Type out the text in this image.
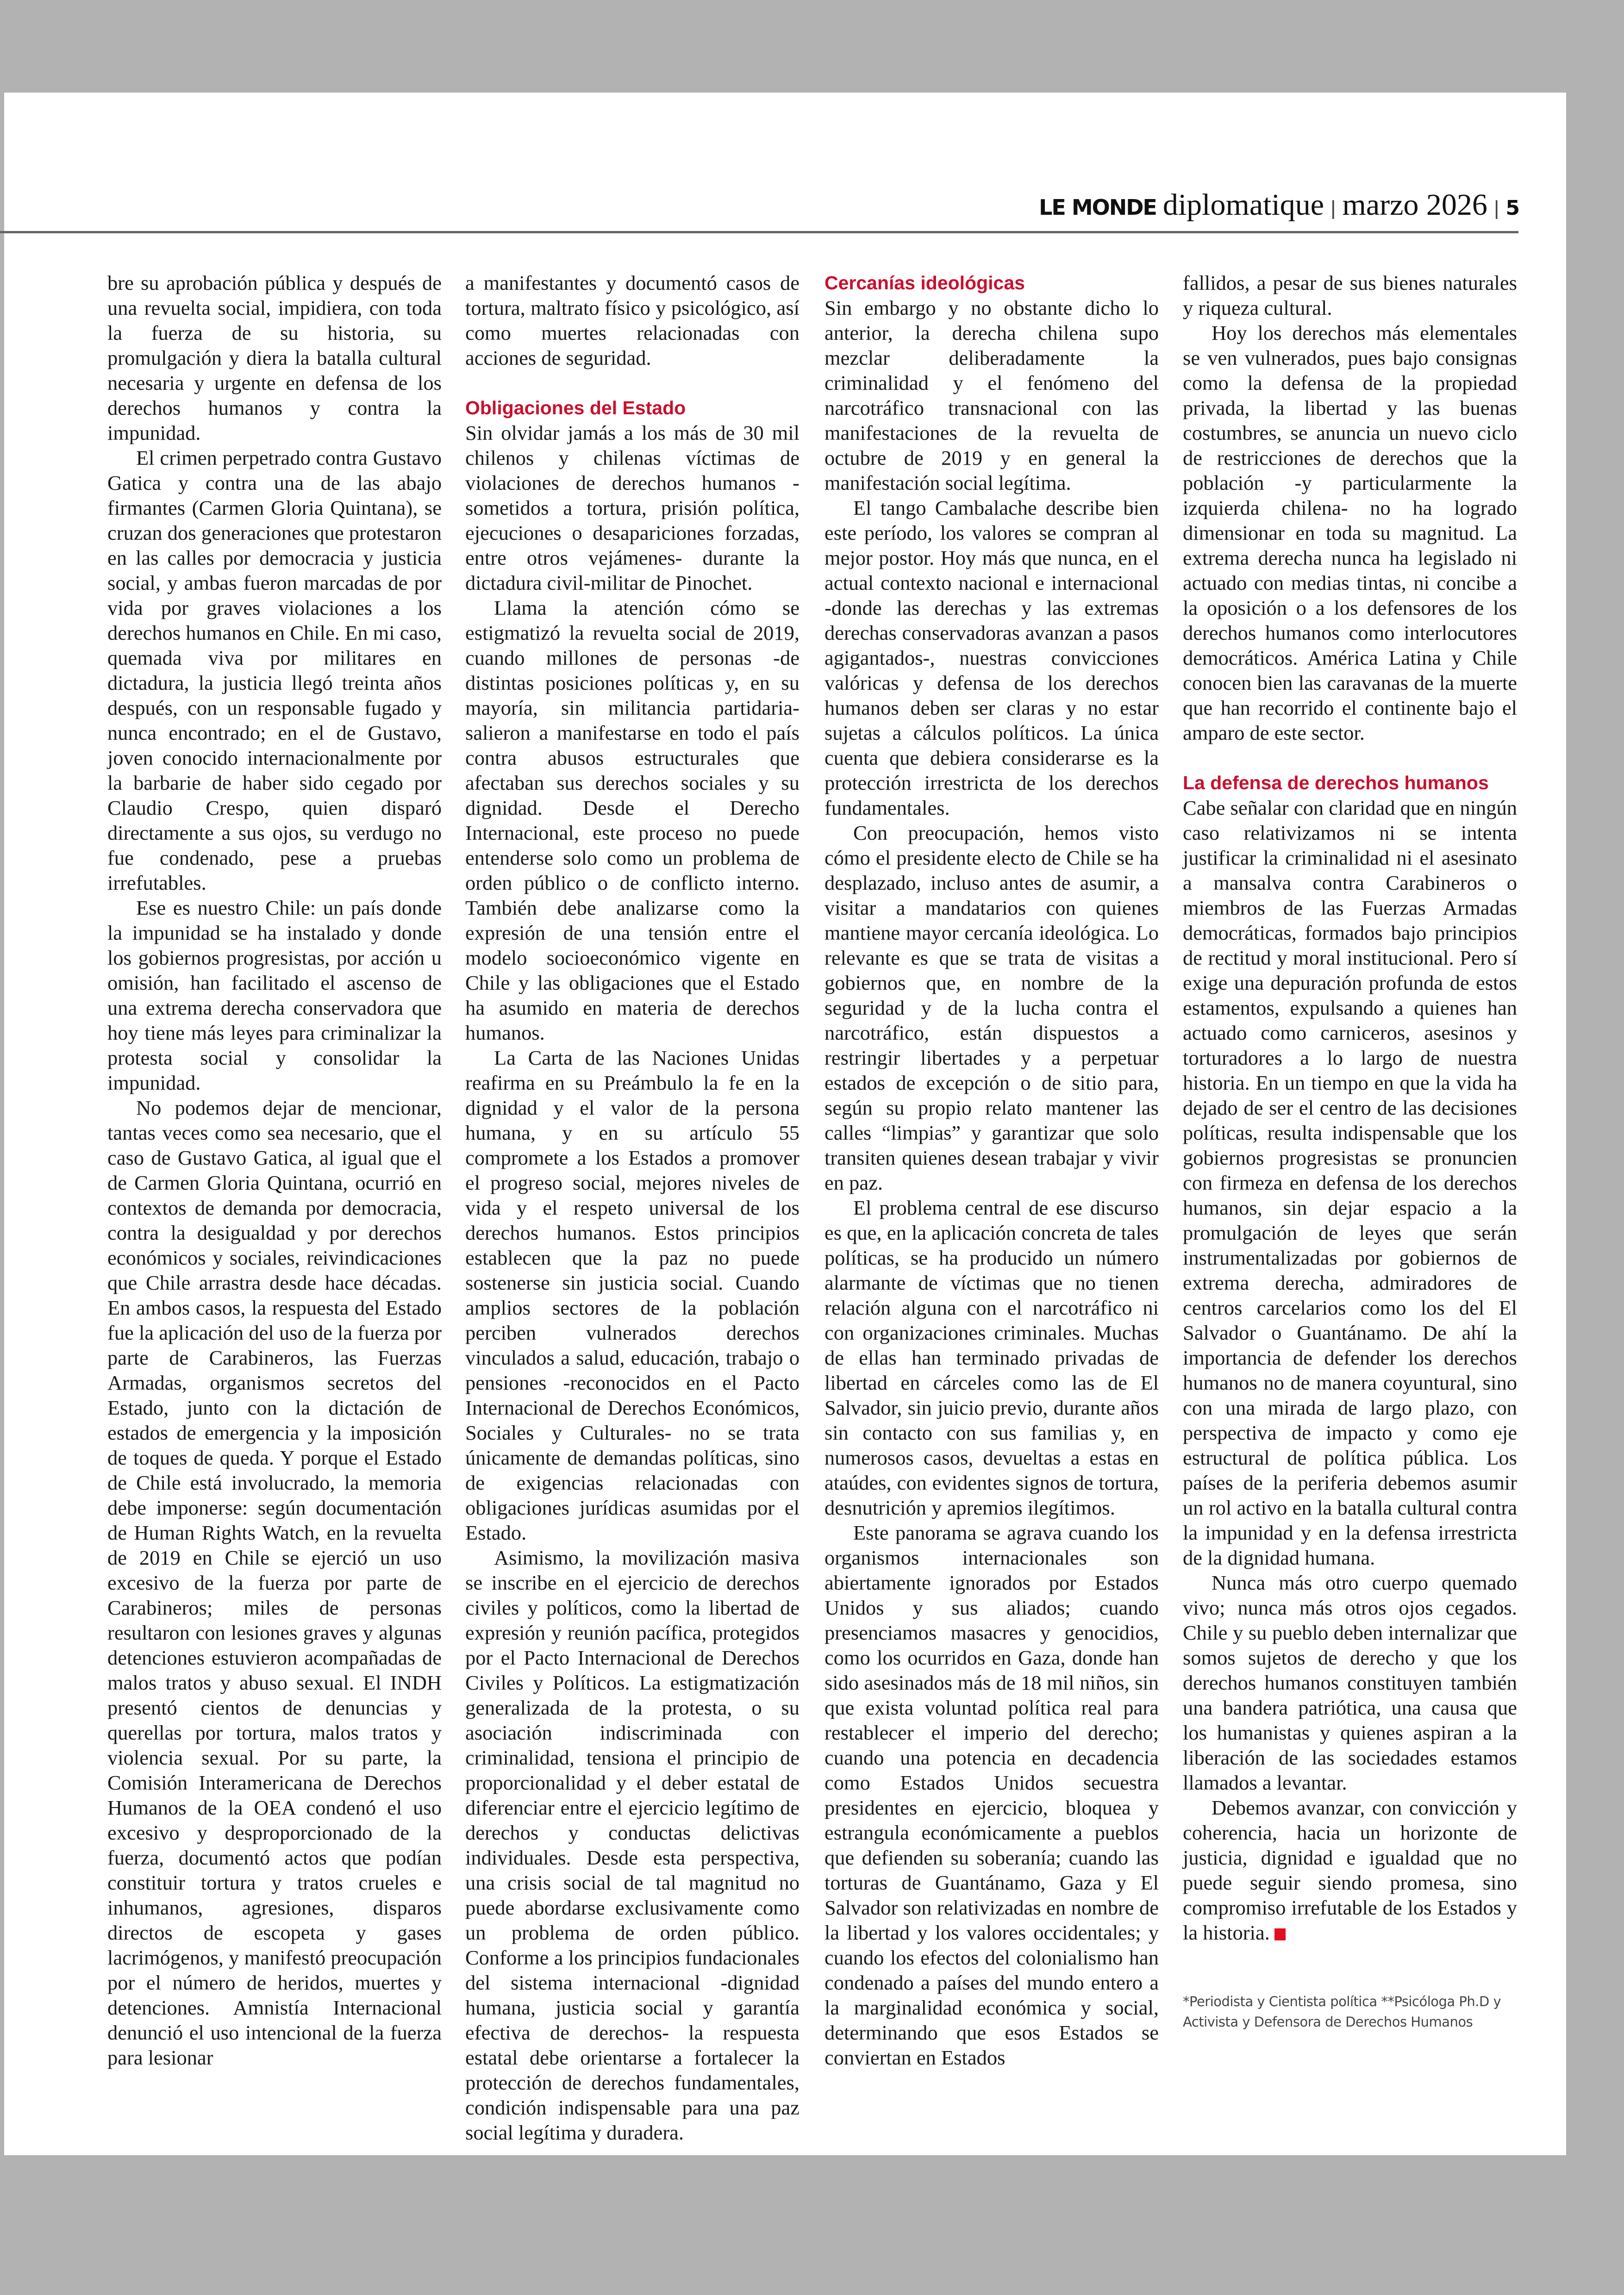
LE MONDE diplomatique | marzo 2026 | 5

bre su aprobación pública y después de una revuelta social, impidiera, con toda la fuerza de su historia, su promulgación y diera la batalla cultural necesaria y urgente en defensa de los derechos humanos y contra la impunidad.

El crimen perpetrado contra Gustavo Gatica y contra una de las abajo firmantes (Carmen Gloria Quintana), se cruzan dos generaciones que protestaron en las calles por democracia y justicia social, y ambas fueron marcadas de por vida por graves violaciones a los derechos humanos en Chile. En mi caso, quemada viva por militares en dictadura, la justicia llegó treinta años después, con un responsable fugado y nunca encontrado; en el de Gustavo, joven conocido internacionalmente por la barbarie de haber sido cegado por Claudio Crespo, quien disparó directamente a sus ojos, su verdugo no fue condenado, pese a pruebas irrefutables.

Ese es nuestro Chile: un país donde la impunidad se ha instalado y donde los gobiernos progresistas, por acción u omisión, han facilitado el ascenso de una extrema derecha conservadora que hoy tiene más leyes para criminalizar la protesta social y consolidar la impunidad.

No podemos dejar de mencionar, tantas veces como sea necesario, que el caso de Gustavo Gatica, al igual que el de Carmen Gloria Quintana, ocurrió en contextos de demanda por democracia, contra la desigualdad y por derechos económicos y sociales, reivindicaciones que Chile arrastra desde hace décadas. En ambos casos, la respuesta del Estado fue la aplicación del uso de la fuerza por parte de Carabineros, las Fuerzas Armadas, organismos secretos del Estado, junto con la dictación de estados de emergencia y la imposición de toques de queda. Y porque el Estado de Chile está involucrado, la memoria debe imponerse: según documentación de Human Rights Watch, en la revuelta de 2019 en Chile se ejerció un uso excesivo de la fuerza por parte de Carabineros; miles de personas resultaron con lesiones graves y algunas detenciones estuvieron acompañadas de malos tratos y abuso sexual. El INDH presentó cientos de denuncias y querellas por tortura, malos tratos y violencia sexual. Por su parte, la Comisión Interamericana de Derechos Humanos de la OEA condenó el uso excesivo y desproporcionado de la fuerza, documentó actos que podían constituir tortura y tratos crueles e inhumanos, agresiones, disparos directos de escopeta y gases lacrimógenos, y manifestó preocupación por el número de heridos, muertes y detenciones. Amnistía Internacional denunció el uso intencional de la fuerza para lesionar

a manifestantes y documentó casos de tortura, maltrato físico y psicológico, así como muertes relacionadas con acciones de seguridad.

Obligaciones del Estado

Sin olvidar jamás a los más de 30 mil chilenos y chilenas víctimas de violaciones de derechos humanos -sometidos a tortura, prisión política, ejecuciones o desapariciones forzadas, entre otros vejámenes- durante la dictadura civil-militar de Pinochet.

Llama la atención cómo se estigmatizó la revuelta social de 2019, cuando millones de personas -de distintas posiciones políticas y, en su mayoría, sin militancia partidaria- salieron a manifestarse en todo el país contra abusos estructurales que afectaban sus derechos sociales y su dignidad. Desde el Derecho Internacional, este proceso no puede entenderse solo como un problema de orden público o de conflicto interno. También debe analizarse como la expresión de una tensión entre el modelo socioeconómico vigente en Chile y las obligaciones que el Estado ha asumido en materia de derechos humanos.

La Carta de las Naciones Unidas reafirma en su Preámbulo la fe en la dignidad y el valor de la persona humana, y en su artículo 55 compromete a los Estados a promover el progreso social, mejores niveles de vida y el respeto universal de los derechos humanos. Estos principios establecen que la paz no puede sostenerse sin justicia social. Cuando amplios sectores de la población perciben vulnerados derechos vinculados a salud, educación, trabajo o pensiones -reconocidos en el Pacto Internacional de Derechos Económicos, Sociales y Culturales- no se trata únicamente de demandas políticas, sino de exigencias relacionadas con obligaciones jurídicas asumidas por el Estado.

Asimismo, la movilización masiva se inscribe en el ejercicio de derechos civiles y políticos, como la libertad de expresión y reunión pacífica, protegidos por el Pacto Internacional de Derechos Civiles y Políticos. La estigmatización generalizada de la protesta, o su asociación indiscriminada con criminalidad, tensiona el principio de proporcionalidad y el deber estatal de diferenciar entre el ejercicio legítimo de derechos y conductas delictivas individuales. Desde esta perspectiva, una crisis social de tal magnitud no puede abordarse exclusivamente como un problema de orden público. Conforme a los principios fundacionales del sistema internacional -dignidad humana, justicia social y garantía efectiva de derechos- la respuesta estatal debe orientarse a fortalecer la protección de derechos fundamentales, condición indispensable para una paz social legítima y duradera.

Cercanías ideológicas

Sin embargo y no obstante dicho lo anterior, la derecha chilena supo mezclar deliberadamente la criminalidad y el fenómeno del narcotráfico transnacional con las manifestaciones de la revuelta de octubre de 2019 y en general la manifestación social legítima.

El tango Cambalache describe bien este período, los valores se compran al mejor postor. Hoy más que nunca, en el actual contexto nacional e internacional -donde las derechas y las extremas derechas conservadoras avanzan a pasos agigantados-, nuestras convicciones valóricas y defensa de los derechos humanos deben ser claras y no estar sujetas a cálculos políticos. La única cuenta que debiera considerarse es la protección irrestricta de los derechos fundamentales.

Con preocupación, hemos visto cómo el presidente electo de Chile se ha desplazado, incluso antes de asumir, a visitar a mandatarios con quienes mantiene mayor cercanía ideológica. Lo relevante es que se trata de visitas a gobiernos que, en nombre de la seguridad y de la lucha contra el narcotráfico, están dispuestos a restringir libertades y a perpetuar estados de excepción o de sitio para, según su propio relato mantener las calles “limpias” y garantizar que solo transiten quienes desean trabajar y vivir en paz.

El problema central de ese discurso es que, en la aplicación concreta de tales políticas, se ha producido un número alarmante de víctimas que no tienen relación alguna con el narcotráfico ni con organizaciones criminales. Muchas de ellas han terminado privadas de libertad en cárceles como las de El Salvador, sin juicio previo, durante años sin contacto con sus familias y, en numerosos casos, devueltas a estas en ataúdes, con evidentes signos de tortura, desnutrición y apremios ilegítimos.

Este panorama se agrava cuando los organismos internacionales son abiertamente ignorados por Estados Unidos y sus aliados; cuando presenciamos masacres y genocidios, como los ocurridos en Gaza, donde han sido asesinados más de 18 mil niños, sin que exista voluntad política real para restablecer el imperio del derecho; cuando una potencia en decadencia como Estados Unidos secuestra presidentes en ejercicio, bloquea y estrangula económicamente a pueblos que defienden su soberanía; cuando las torturas de Guantánamo, Gaza y El Salvador son relativizadas en nombre de la libertad y los valores occidentales; y cuando los efectos del colonialismo han condenado a países del mundo entero a la marginalidad económica y social, determinando que esos Estados se conviertan en Estados

fallidos, a pesar de sus bienes naturales y riqueza cultural.

Hoy los derechos más elementales se ven vulnerados, pues bajo consignas como la defensa de la propiedad privada, la libertad y las buenas costumbres, se anuncia un nuevo ciclo de restricciones de derechos que la población -y particularmente la izquierda chilena- no ha logrado dimensionar en toda su magnitud. La extrema derecha nunca ha legislado ni actuado con medias tintas, ni concibe a la oposición o a los defensores de los derechos humanos como interlocutores democráticos. América Latina y Chile conocen bien las caravanas de la muerte que han recorrido el continente bajo el amparo de este sector.

La defensa de derechos humanos

Cabe señalar con claridad que en ningún caso relativizamos ni se intenta justificar la criminalidad ni el asesinato a mansalva contra Carabineros o miembros de las Fuerzas Armadas democráticas, formados bajo principios de rectitud y moral institucional. Pero sí exige una depuración profunda de estos estamentos, expulsando a quienes han actuado como carniceros, asesinos y torturadores a lo largo de nuestra historia. En un tiempo en que la vida ha dejado de ser el centro de las decisiones políticas, resulta indispensable que los gobiernos progresistas se pronuncien con firmeza en defensa de los derechos humanos, sin dejar espacio a la promulgación de leyes que serán instrumentalizadas por gobiernos de extrema derecha, admiradores de centros carcelarios como los del El Salvador o Guantánamo. De ahí la importancia de defender los derechos humanos no de manera coyuntural, sino con una mirada de largo plazo, con perspectiva de impacto y como eje estructural de política pública. Los países de la periferia debemos asumir un rol activo en la batalla cultural contra la impunidad y en la defensa irrestricta de la dignidad humana.

Nunca más otro cuerpo quemado vivo; nunca más otros ojos cegados. Chile y su pueblo deben internalizar que somos sujetos de derecho y que los derechos humanos constituyen también una bandera patriótica, una causa que los humanistas y quienes aspiran a la liberación de las sociedades estamos llamados a levantar.

Debemos avanzar, con convicción y coherencia, hacia un horizonte de justicia, dignidad e igualdad que no puede seguir siendo promesa, sino compromiso irrefutable de los Estados y la historia.

*Periodista y Cientista política **Psicóloga Ph.D y Activista y Defensora de Derechos Humanos
